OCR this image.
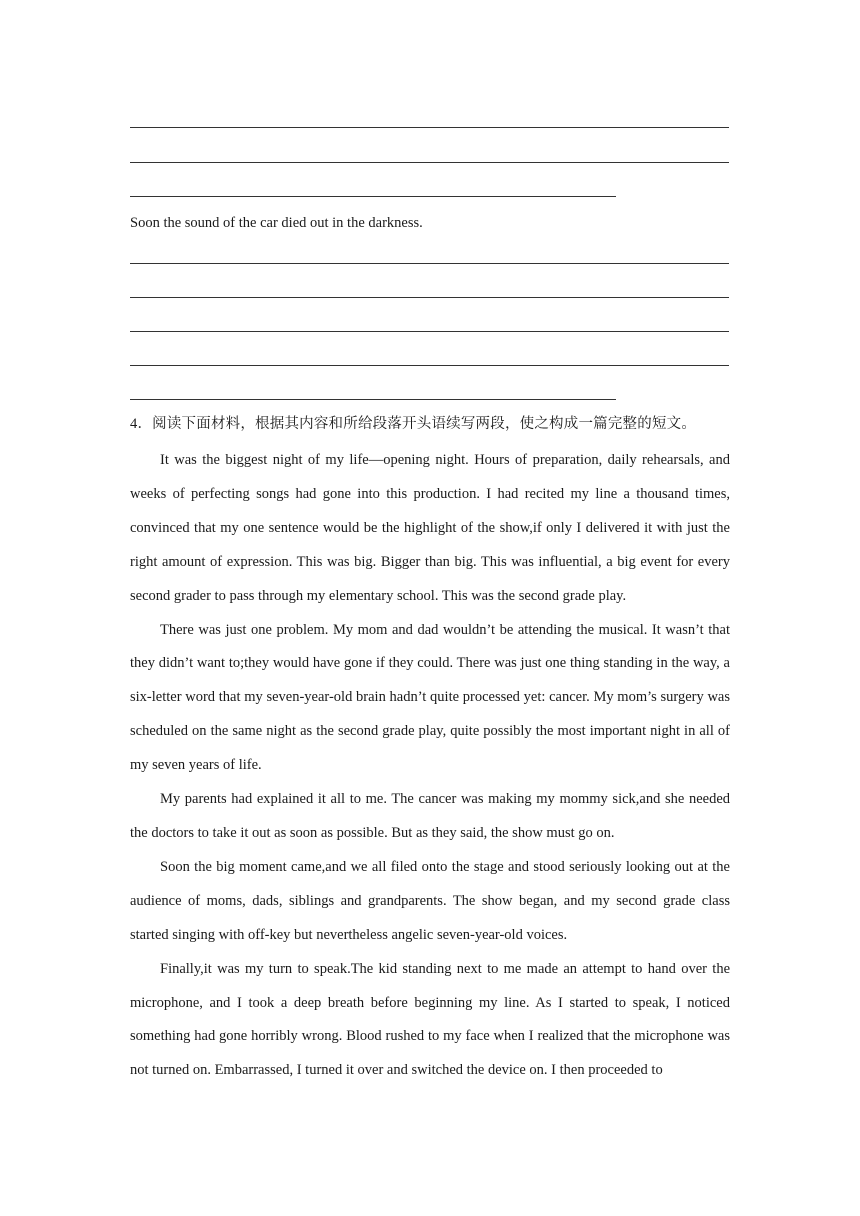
Soon the sound of the car died out in the darkness.
4．阅读下面材料，根据其内容和所给段落开头语续写两段，使之构成一篇完整的短文。

It was the biggest night of my life—opening night. Hours of preparation, daily rehearsals, and weeks of perfecting songs had gone into this production. I had recited my line a thousand times, convinced that my one sentence would be the highlight of the show,if only I delivered it with just the right amount of expression. This was big. Bigger than big. This was influential, a big event for every second grader to pass through my elementary school. This was the second grade play.

There was just one problem. My mom and dad wouldn’t be attending the musical. It wasn’t that they didn’t want to;they would have gone if they could. There was just one thing standing in the way, a six-letter word that my seven-year-old brain hadn’t quite processed yet: cancer. My mom’s surgery was scheduled on the same night as the second grade play, quite possibly the most important night in all of my seven years of life.

My parents had explained it all to me. The cancer was making my mommy sick,and she needed the doctors to take it out as soon as possible. But as they said, the show must go on.

Soon the big moment came,and we all filed onto the stage and stood seriously looking out at the audience of moms, dads, siblings and grandparents. The show began, and my second grade class started singing with off-key but nevertheless angelic seven-year-old voices.

Finally,it was my turn to speak.The kid standing next to me made an attempt to hand over the microphone, and I took a deep breath before beginning my line. As I started to speak, I noticed something had gone horribly wrong. Blood rushed to my face when I realized that the microphone was not turned on. Embarrassed, I turned it over and switched the device on. I then proceeded to
